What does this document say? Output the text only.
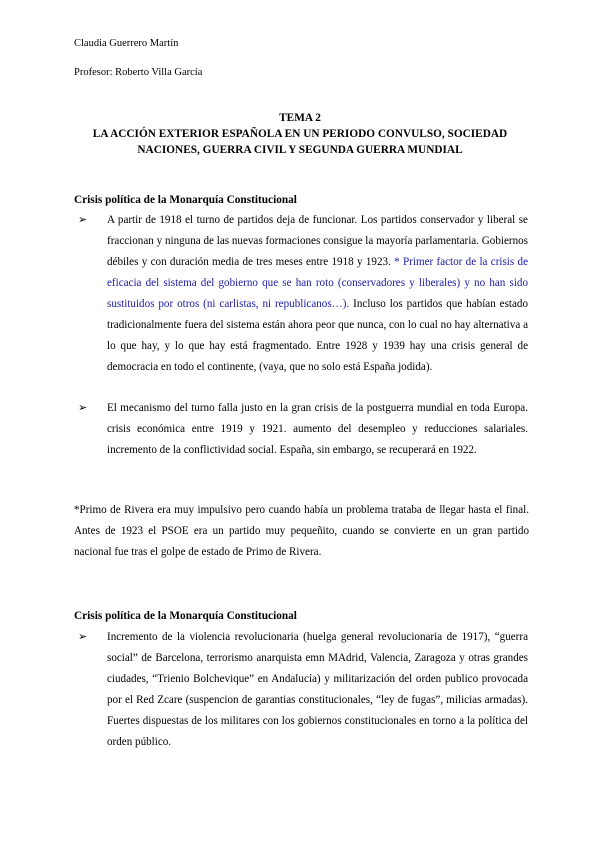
Claudia Guerrero Martín
Profesor: Roberto Villa García
TEMA 2
LA ACCIÓN EXTERIOR ESPAÑOLA EN UN PERIODO CONVULSO, SOCIEDAD
NACIONES, GUERRA CIVIL Y SEGUNDA GUERRA MUNDIAL
Crisis política de la Monarquía Constitucional
➢	A partir de 1918 el turno de partidos deja de funcionar. Los partidos conservador y liberal se fraccionan y ninguna de las nuevas formaciones consigue la mayoría parlamentaria. Gobiernos débiles y con duración media de tres meses entre 1918 y 1923. * Primer factor de la crisis de eficacia del sistema del gobierno que se han roto (conservadores y liberales) y no han sido sustituidos por otros (ni carlistas, ni republicanos…). Incluso los partidos que habían estado tradicionalmente fuera del sistema están ahora peor que nunca, con lo cual no hay alternativa a lo que hay, y lo que hay está fragmentado. Entre 1928 y 1939 hay una crisis general de democracia en todo el continente, (vaya, que no solo está España jodida).
➢	El mecanismo del turno falla justo en la gran crisis de la postguerra mundial en toda Europa. crisis económica entre 1919 y 1921. aumento del desempleo y reducciones salariales. incremento de la conflictividad social. España, sin embargo, se recuperará en 1922.
*Primo de Rivera era muy impulsivo pero cuando había un problema trataba de llegar hasta el final. Antes de 1923 el PSOE era un partido muy pequeñito, cuando se convierte en un gran partido nacional fue tras el golpe de estado de Primo de Rivera.
Crisis política de la Monarquía Constitucional
➢	Incremento de la violencia revolucionaria (huelga general revolucionaria de 1917), “guerra social” de Barcelona, terrorismo anarquista emn MAdrid, Valencia, Zaragoza y otras grandes ciudades, “Trienio Bolchevique” en Andalucía) y militarización del orden publico provocada por el Red Zcare (suspencion de garantias constitucionales, “ley de fugas”, milicias armadas). Fuertes dispuestas de los militares con los gobiernos constitucionales en torno a la política del orden público.
